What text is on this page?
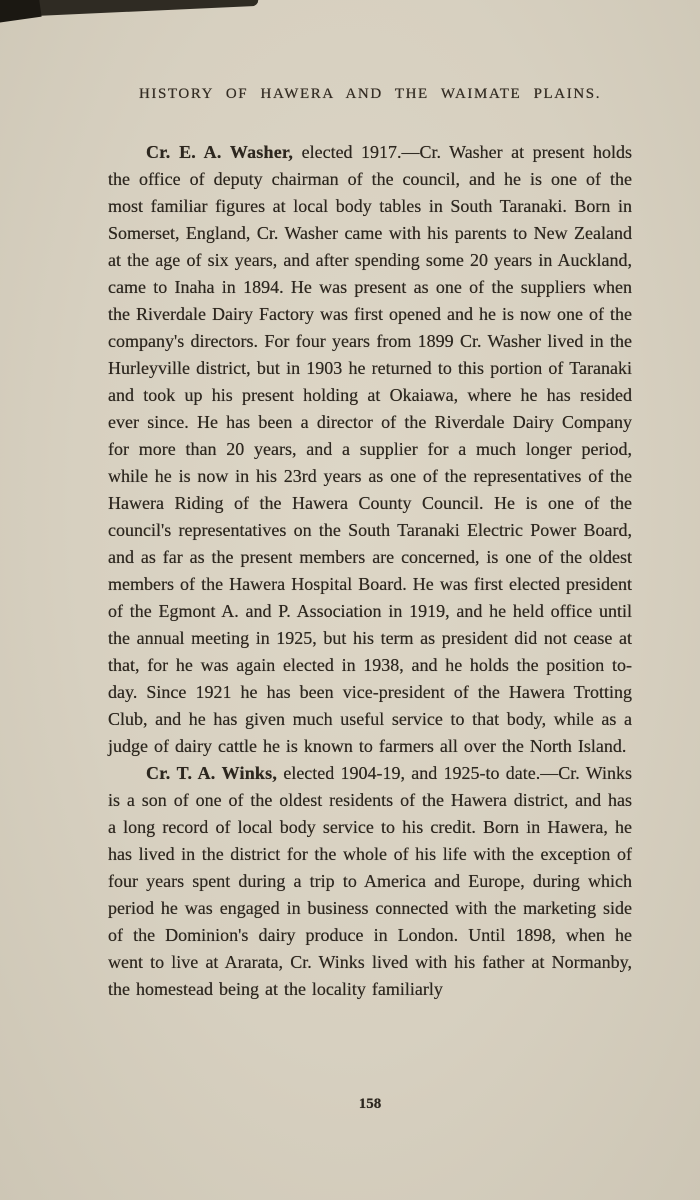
HISTORY OF HAWERA AND THE WAIMATE PLAINS.

Cr. E. A. Washer, elected 1917.—Cr. Washer at present holds the office of deputy chairman of the council, and he is one of the most familiar figures at local body tables in South Taranaki. Born in Somerset, England, Cr. Washer came with his parents to New Zealand at the age of six years, and after spending some 20 years in Auckland, came to Inaha in 1894. He was present as one of the suppliers when the Riverdale Dairy Factory was first opened and he is now one of the company's directors. For four years from 1899 Cr. Washer lived in the Hurleyville district, but in 1903 he returned to this portion of Taranaki and took up his present holding at Okaiawa, where he has resided ever since. He has been a director of the Riverdale Dairy Company for more than 20 years, and a supplier for a much longer period, while he is now in his 23rd years as one of the representatives of the Hawera Riding of the Hawera County Council. He is one of the council's representatives on the South Taranaki Electric Power Board, and as far as the present members are concerned, is one of the oldest members of the Hawera Hospital Board. He was first elected president of the Egmont A. and P. Association in 1919, and he held office until the annual meeting in 1925, but his term as president did not cease at that, for he was again elected in 1938, and he holds the position to-day. Since 1921 he has been vice-president of the Hawera Trotting Club, and he has given much useful service to that body, while as a judge of dairy cattle he is known to farmers all over the North Island.

Cr. T. A. Winks, elected 1904-19, and 1925-to date.—Cr. Winks is a son of one of the oldest residents of the Hawera district, and has a long record of local body service to his credit. Born in Hawera, he has lived in the district for the whole of his life with the exception of four years spent during a trip to America and Europe, during which period he was engaged in business connected with the marketing side of the Dominion's dairy produce in London. Until 1898, when he went to live at Ararata, Cr. Winks lived with his father at Normanby, the homestead being at the locality familiarly

158
